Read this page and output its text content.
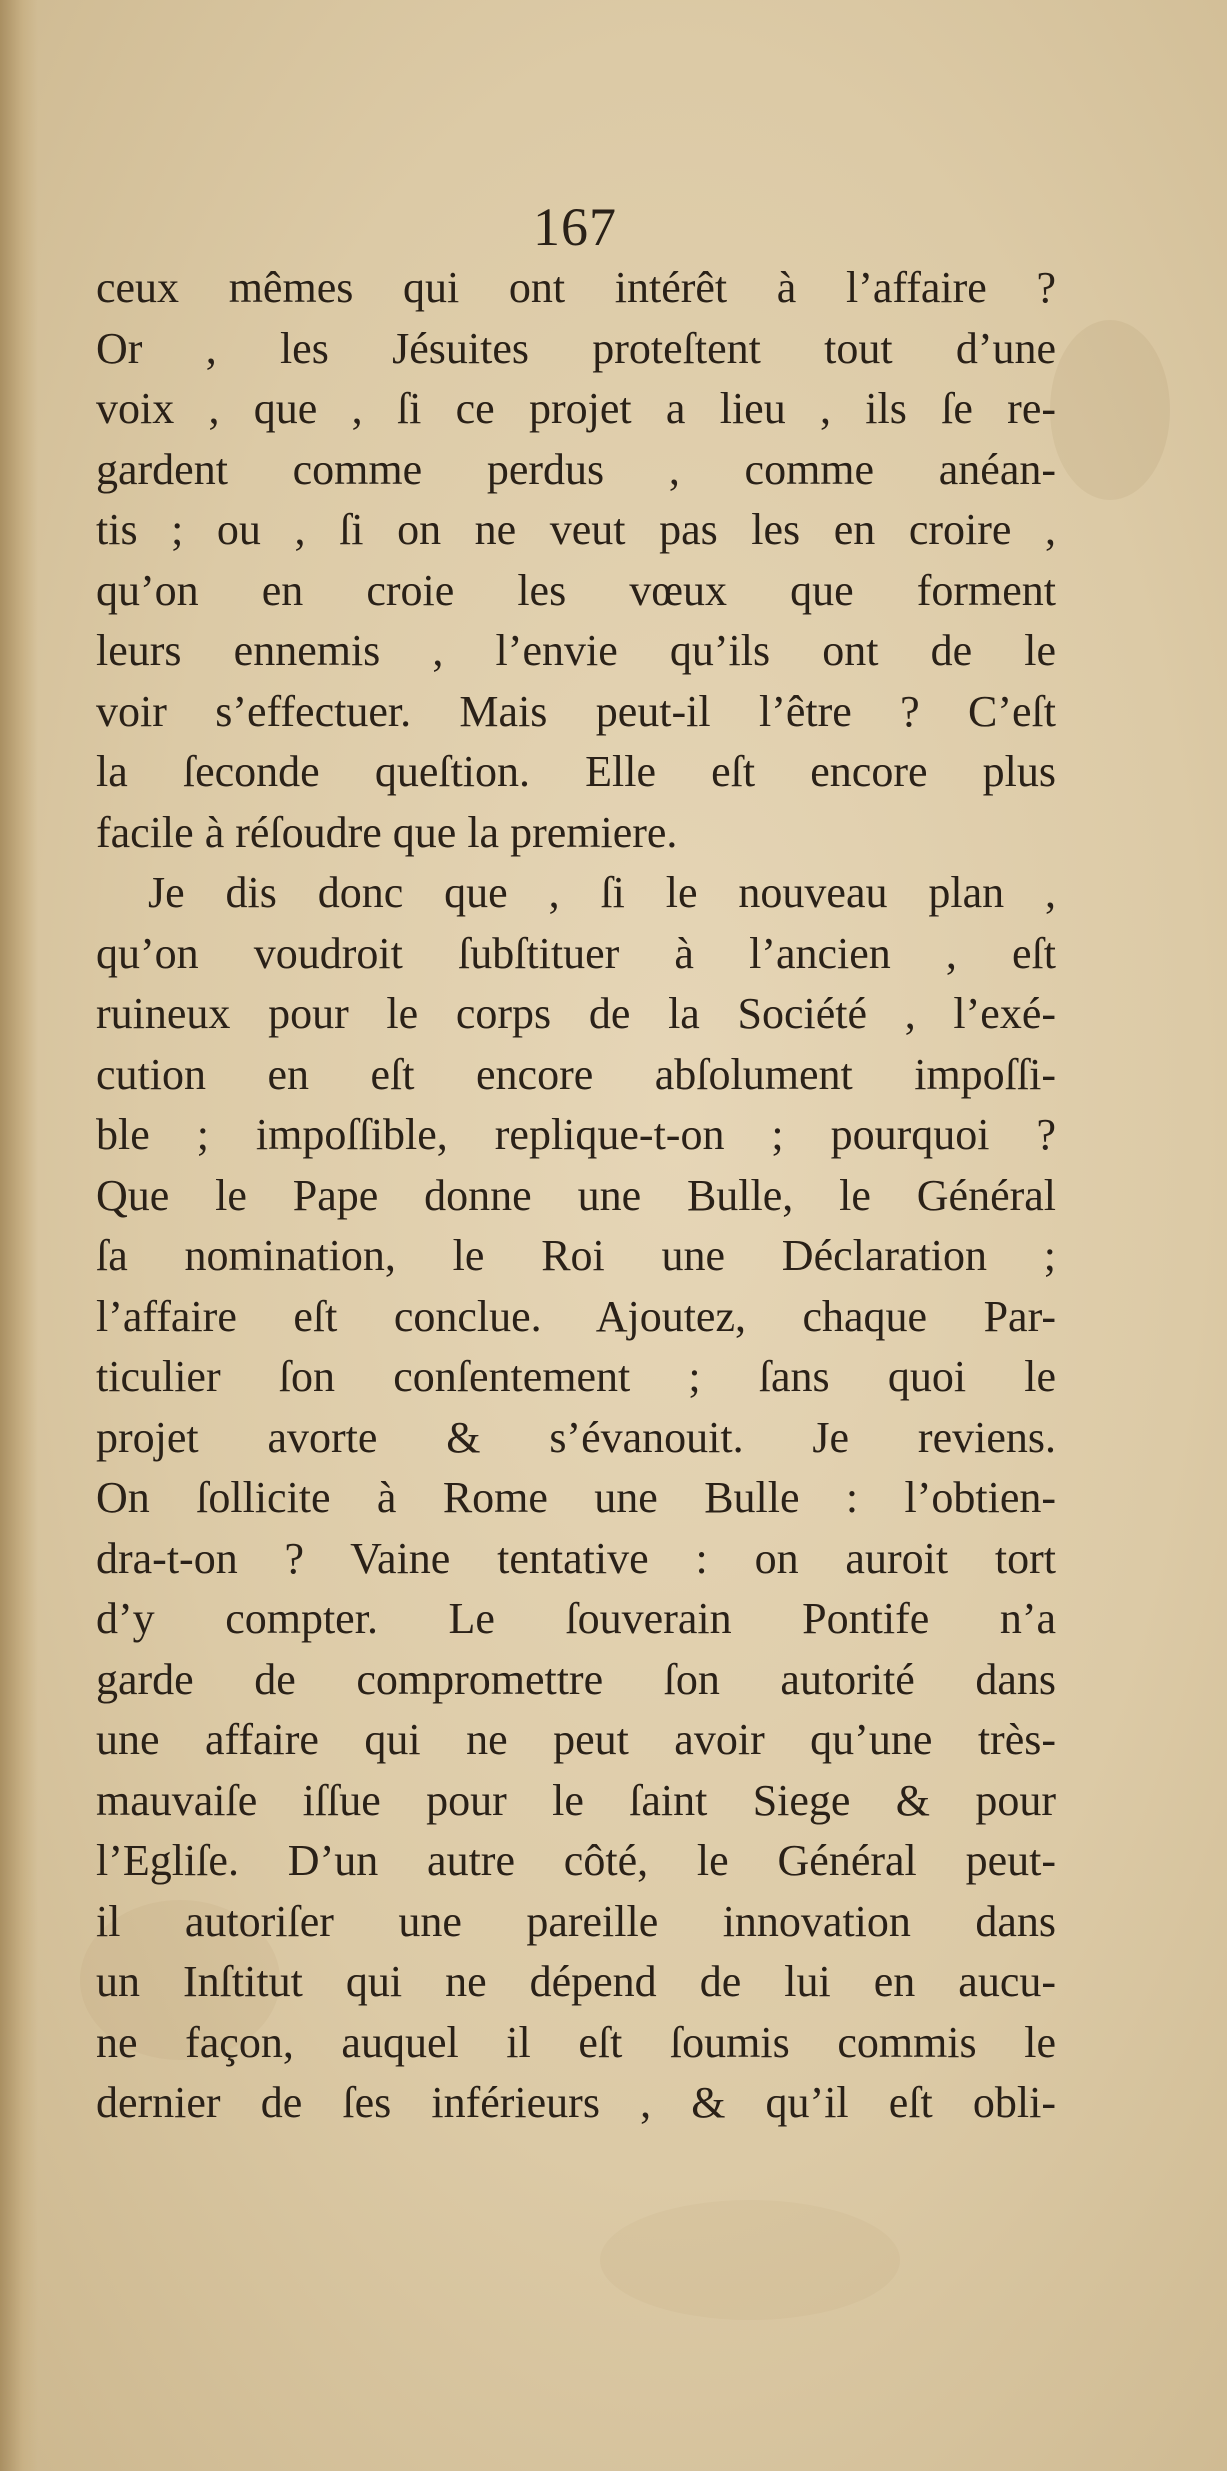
167
ceux mêmes qui ont intérêt à l’affaire ?
Or , les Jésuites proteſtent tout d’une
voix , que , ſi ce projet a lieu , ils ſe re-
gardent comme perdus , comme anéan-
tis ; ou , ſi on ne veut pas les en croire ,
qu’on en croie les vœux que forment
leurs ennemis , l’envie qu’ils ont de le
voir s’effectuer. Mais peut-il l’être ? C’eſt
la ſeconde queſtion. Elle eſt encore plus
facile à réſoudre que la premiere.
Je dis donc que , ſi le nouveau plan ,
qu’on voudroit ſubſtituer à l’ancien , eſt
ruineux pour le corps de la Société , l’exé-
cution en eſt encore abſolument impoſſi-
ble ; impoſſible, replique-t-on ; pourquoi ?
Que le Pape donne une Bulle, le Général
ſa nomination, le Roi une Déclaration ;
l’affaire eſt conclue. Ajoutez, chaque Par-
ticulier ſon conſentement ; ſans quoi le
projet avorte & s’évanouit. Je reviens.
On ſollicite à Rome une Bulle : l’obtien-
dra-t-on ? Vaine tentative : on auroit tort
d’y compter. Le ſouverain Pontife n’a
garde de compromettre ſon autorité dans
une affaire qui ne peut avoir qu’une très-
mauvaiſe iſſue pour le ſaint Siege & pour
l’Egliſe. D’un autre côté, le Général peut-
il autoriſer une pareille innovation dans
un Inſtitut qui ne dépend de lui en aucu-
ne façon, auquel il eſt ſoumis commis le
dernier de ſes inférieurs , & qu’il eſt obli-
